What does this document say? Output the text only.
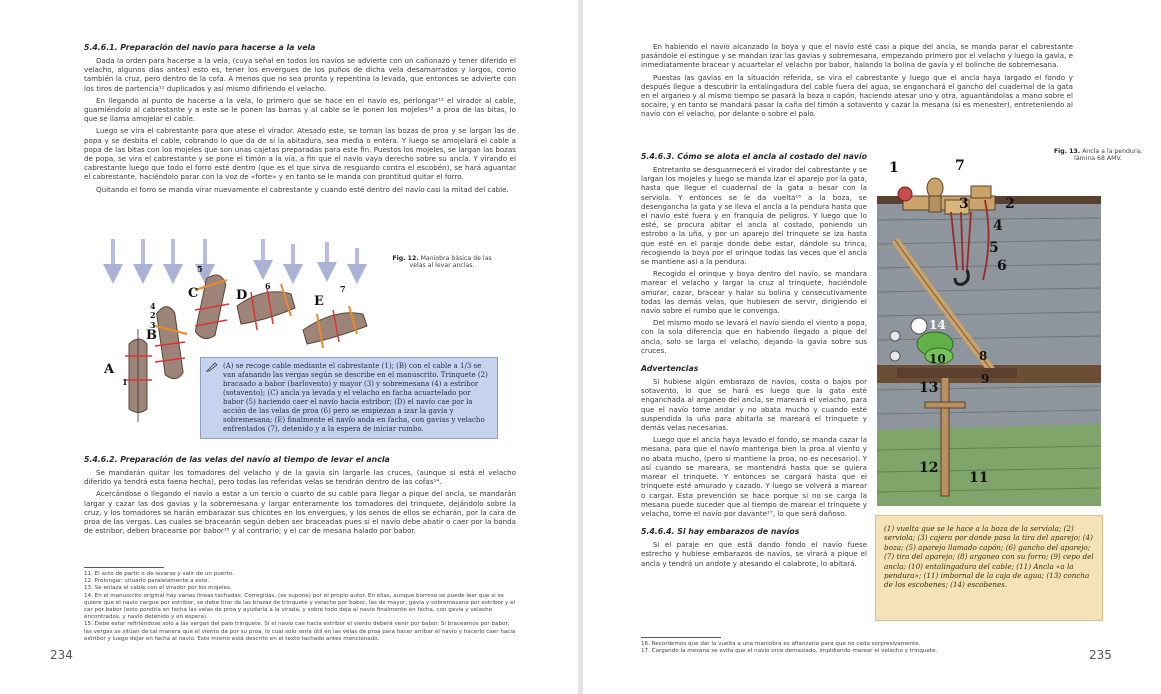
5.4.6.1. Preparación del navío para hacerse a la vela

Dada la orden para hacerse a la vela, (cuya señal en todos los navíos se advierte con un cañonazo y tener diferido el velacho, algunos días antes) esto es, tener los envergues de los puños de dicha vela desamarrados y largos, como también la cruz, pero dentro de la cofa. A menos que no sea pronta y repentina la levada, que entonces se advierte con los tiros de partencia¹¹ duplicados y así mismo difiriendo el velacho.

En llegando al punto de hacerse a la vela, lo primero que se hace en el navío es, perlongar¹² el virador al cable, guarniéndolo al cabrestante y a este se le ponen las barras y al cable se le ponen los mojeles¹³ a proa de las bitas, lo que se llama amojelar el cable.

Luego se vira el cabrestante para que atese el virador. Atesado este, se toman las bozas de proa y se largan las de popa y se desbita el cable, cobrando lo que da de sí la abitadura, sea media o entera. Y luego se amojelará el cable a popa de las bitas con los mojeles que son unas cajetas preparadas para este fin. Puestos los mojeles, se largan las bozas de popa, se vira el cabrestante y se pone el timón a la vía, a fin que el navío vaya derecho sobre su ancla. Y virando el cabrestante luego que todo el forro esté dentro (que es el que sirva de resguardo contra el escobén), se hará aguantar el cabrestante, haciéndolo parar con la voz de «forte» y en tanto se le manda con prontitud quitar el forro.

Quitando el forro se manda virar nuevamente el cabrestante y cuando esté dentro del navío casi la mitad del cable.

A
B
C	D	E
1
2
3
4
5
6	7
Fig. 12. Maniobra básica de las velas al levar anclas.
(A) se recoge cable mediante el cabrestante (1); (B) con el cable a 1/3 se van afanando las vergas según se describe en el manuscrito. Trinquete (2) bracaado a babor (barlovento) y mayor (3) y sobremesana (4) a estribor (sotavento); (C) ancla ya levada y el velacho en facha acuartelado por babor (5) haciendo caer el navío hacia estribor; (D) el navío cae por la acción de las velas de proa (6) pero se empiezan a izar la gavia y sobremesana; (E) finalmente el navío anda en facha, con gavias y velacho enfrentados (7), detenido y a la espera de iniciar rumbo.
5.4.6.2. Preparación de las velas del navío al tiempo de levar el ancla

Se mandarán quitar los tomadores del velacho y de la gavia sin largarle las cruces, (aunque si está el velacho diferido ya tendrá esta faena hecha), pero todas las referidas velas se tendrán dentro de las cofas¹⁴.

Acercándose o llegando el navío a estar a un tercio o cuarto de su cable para llegar a pique del ancla, se mandarán largar y cazar las dos gavias y la sobremesana y largar enteramente los tomadores del trinquete, dejándolo sobre la cruz, y los tomadores se harán embarazar sus chicotes en los envergues, y los senos de ellos se echarán, por la cara de proa de las vergas. Las cuales se bracearán según deben ser braceadas pues si el navío debe abatir o caer por la banda de estribor, deben bracearse por babor¹⁵ y al contrario; y el car de mesana halado por babor.

11. El acto de partir o de levarse y salir de un puerto.
12. Prolongar: situarlo paralelamente a este.
13. Se enlaza el cable con el virador por los mojeles.
14. En el manuscrito original hay varias líneas tachadas. Corregidas, (se supone) por el propio autor. En ellas, aunque borroso se puede leer que si se quiere que el navío cargue por estribor, se debe tirar de las brazas de trinquete y velacho por babor, las de mayor, gavia y sobremesana por estribor y el car por babor (esto pondría en facha las velas de proa y ayudaría a la virada, y sobre todo deja al navío finalmente en facha, con gavia y velacho encontrados, y navío detenido y en espera).
15. Debe estar refiriéndose solo a las vergas del palo trinquete. Si el navío cae hacia estribor el viento deberá venir por babor. Si braceamos por babor, las vergas se sitúan de tal manera que el viento da por su proa, lo cual solo sería útil en las velas de proa para hacer arribar el navío y hacerlo caer hacia estribor y luego dejar en facha al navío. Esto mismo está descrito en el texto tachado antes mencionado.
234

En habiendo el navío alcanzado la boya y que el navío esté casi a pique del ancla, se manda parar el cabrestante pasándole el estingue y se mandan izar las gavias y sobremesana, empezando primero por el velacho y luego la gavia, e inmediatamente bracear y acuartelar el velacho por babor, halando la bolina de gavia y el bolinche de sobremesana.

Puestas las gavias en la situación referida, se vira el cabrestante y luego que el ancla haya largado el fondo y después llegue a descubrir la entalingadura del cable fuera del agua, se enganchará el gancho del cuadernal de la gata en el arganeo y al mismo tiempo se pasará la boza o capón, haciendo atesar uno y otra, aguantándolas a mano sobre el socaire, y en tanto se mandará pasar la caña del timón a sotavento y cazar la mesana (si es menester), entreteniendo al navío con el velacho, por delante o sobre el palo.

5.4.6.3. Cómo se alota el ancla al costado del navío

Entretanto se desguarnecerá el virador del cabrestante y se largan los mojeles y luego se manda izar el aparejo por la gata, hasta que llegue el cuadernal de la gata a besar con la serviola. Y entonces se le da vuelta¹⁶ a la boza, se desengancha la gata y se lleva el ancla a la pendura hasta que el navío esté fuera y en franquía de peligros. Y luego que lo esté, se procura abitar el ancla al costado, poniendo un estrobo a la uña, y por un aparejo del trinquete se iza hasta que esté en el paraje donde debe estar, dándole su trinca, recogiendo la boya por el orinque todas las veces que el ancla se mantiene así a la pendura.

Recogido el orinque y boya dentro del navío, se mandara marear el velacho y largar la cruz al trinquete, haciéndole amurar, cazar, bracear y halar su bolina y consecutivamente todas las demás velas, que hubiesen de servir, dirigiendo el navío sobre el rumbo que le convenga.

Del mismo modo se levará el navío siendo el viento a popa, con la sola diferencia que en habiendo llegado a pique del ancla, solo se larga el velacho, dejando la gavia sobre sus cruces.

Advertencias

Si hubiese algún embarazo de navíos, costa o bajos por sotavento, lo que se hará es luego que la gata esté enganchada al arganeo del ancla, se mareará el velacho, para que el navío tome andar y no abata mucho y cuando esté suspendida la uña para abitarla se mareará el trinquete y demás velas necesarias.

Luego que el ancla haya levado el fondo, se manda cazar la mesana, para que el navío mantenga bien la proa al viento y no abata mucho, (pero si mantiene la proa, no es necesario). Y así cuando se mareara, se mantendrá hasta que se quiera marear el trinquete. Y entonces se cargará hasta que el trinquete esté amurado y cazado. Y luego se volverá a marear o cargar. Esta prevención se hace porque si no se carga la mesana puede suceder que al tiempo de marear el trinquete y velacho, tome el navío por davante¹⁷, lo que será dañoso.

5.4.6.4. Si hay embarazos de navíos

Si el paraje en que está dando fondo el navío fuese estrecho y hubiese embarazos de navíos, se virará a pique el ancla y tendrá un andote y atesando el calabrote, lo abitará.

1
2
3
4
5
6
7
8
9
10
11
12
13
14
Fig. 13. Ancla a la pendura, lámina 68 AMV.
(1) vuelta que se le hace a la boza de la serviola; (2) serviola; (3) cajera por donde pasa la tira del aparejo; (4) boza; (5) aparejo llamado capón; (6) gancho del aparejo; (7) tira del aparejo; (8) arganeo con su forro; (9) cepo del ancla; (10) entalingadura del cable; (11) Ancla «a la pendura»; (11) imbornal de la caja de agua; (13) concha de los escobenes; (14) escobenes.
16. Recordemos que dar la vuelta a una maniobra es afianzarla para que no ceda sorpresivamente.
17. Cargando la mesana se evita que el navío orce demasiado, impidiendo marear el velacho y trinquete.	235
